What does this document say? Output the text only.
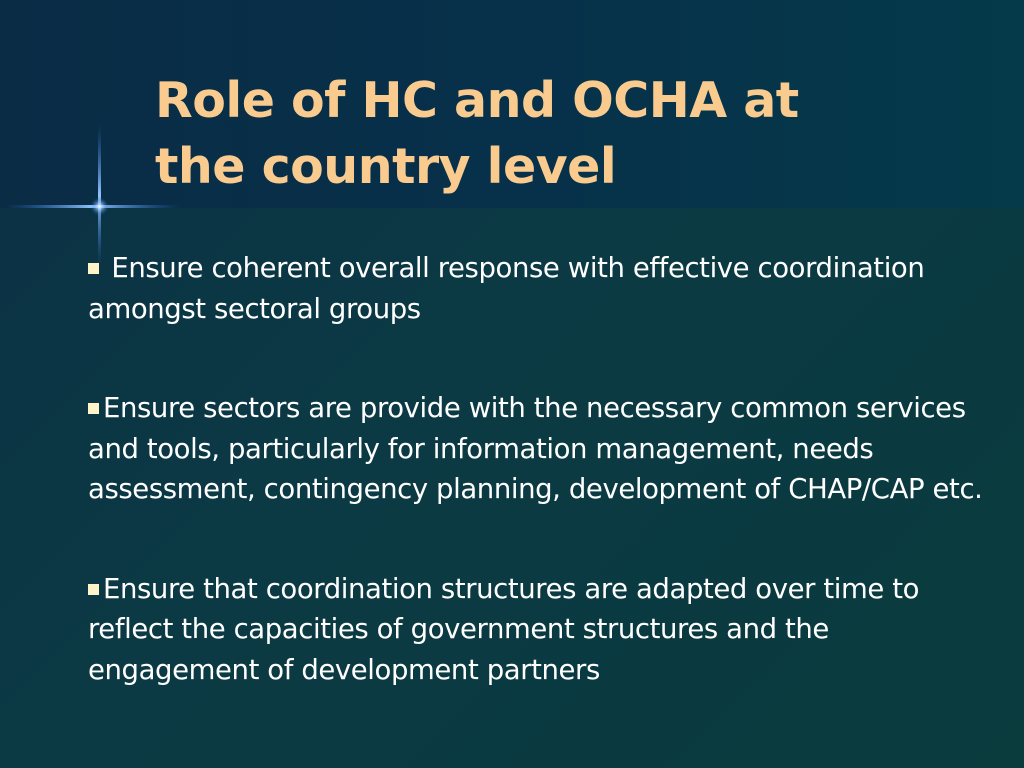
Role of HC and OCHA at
the country level
Ensure coherent overall response with effective coordination amongst sectoral groups
Ensure sectors are provide with the necessary common services and tools, particularly for information management, needs assessment, contingency planning, development of CHAP/CAP etc.
Ensure that coordination structures are adapted over time to reflect the capacities of government structures and the engagement of development partners
